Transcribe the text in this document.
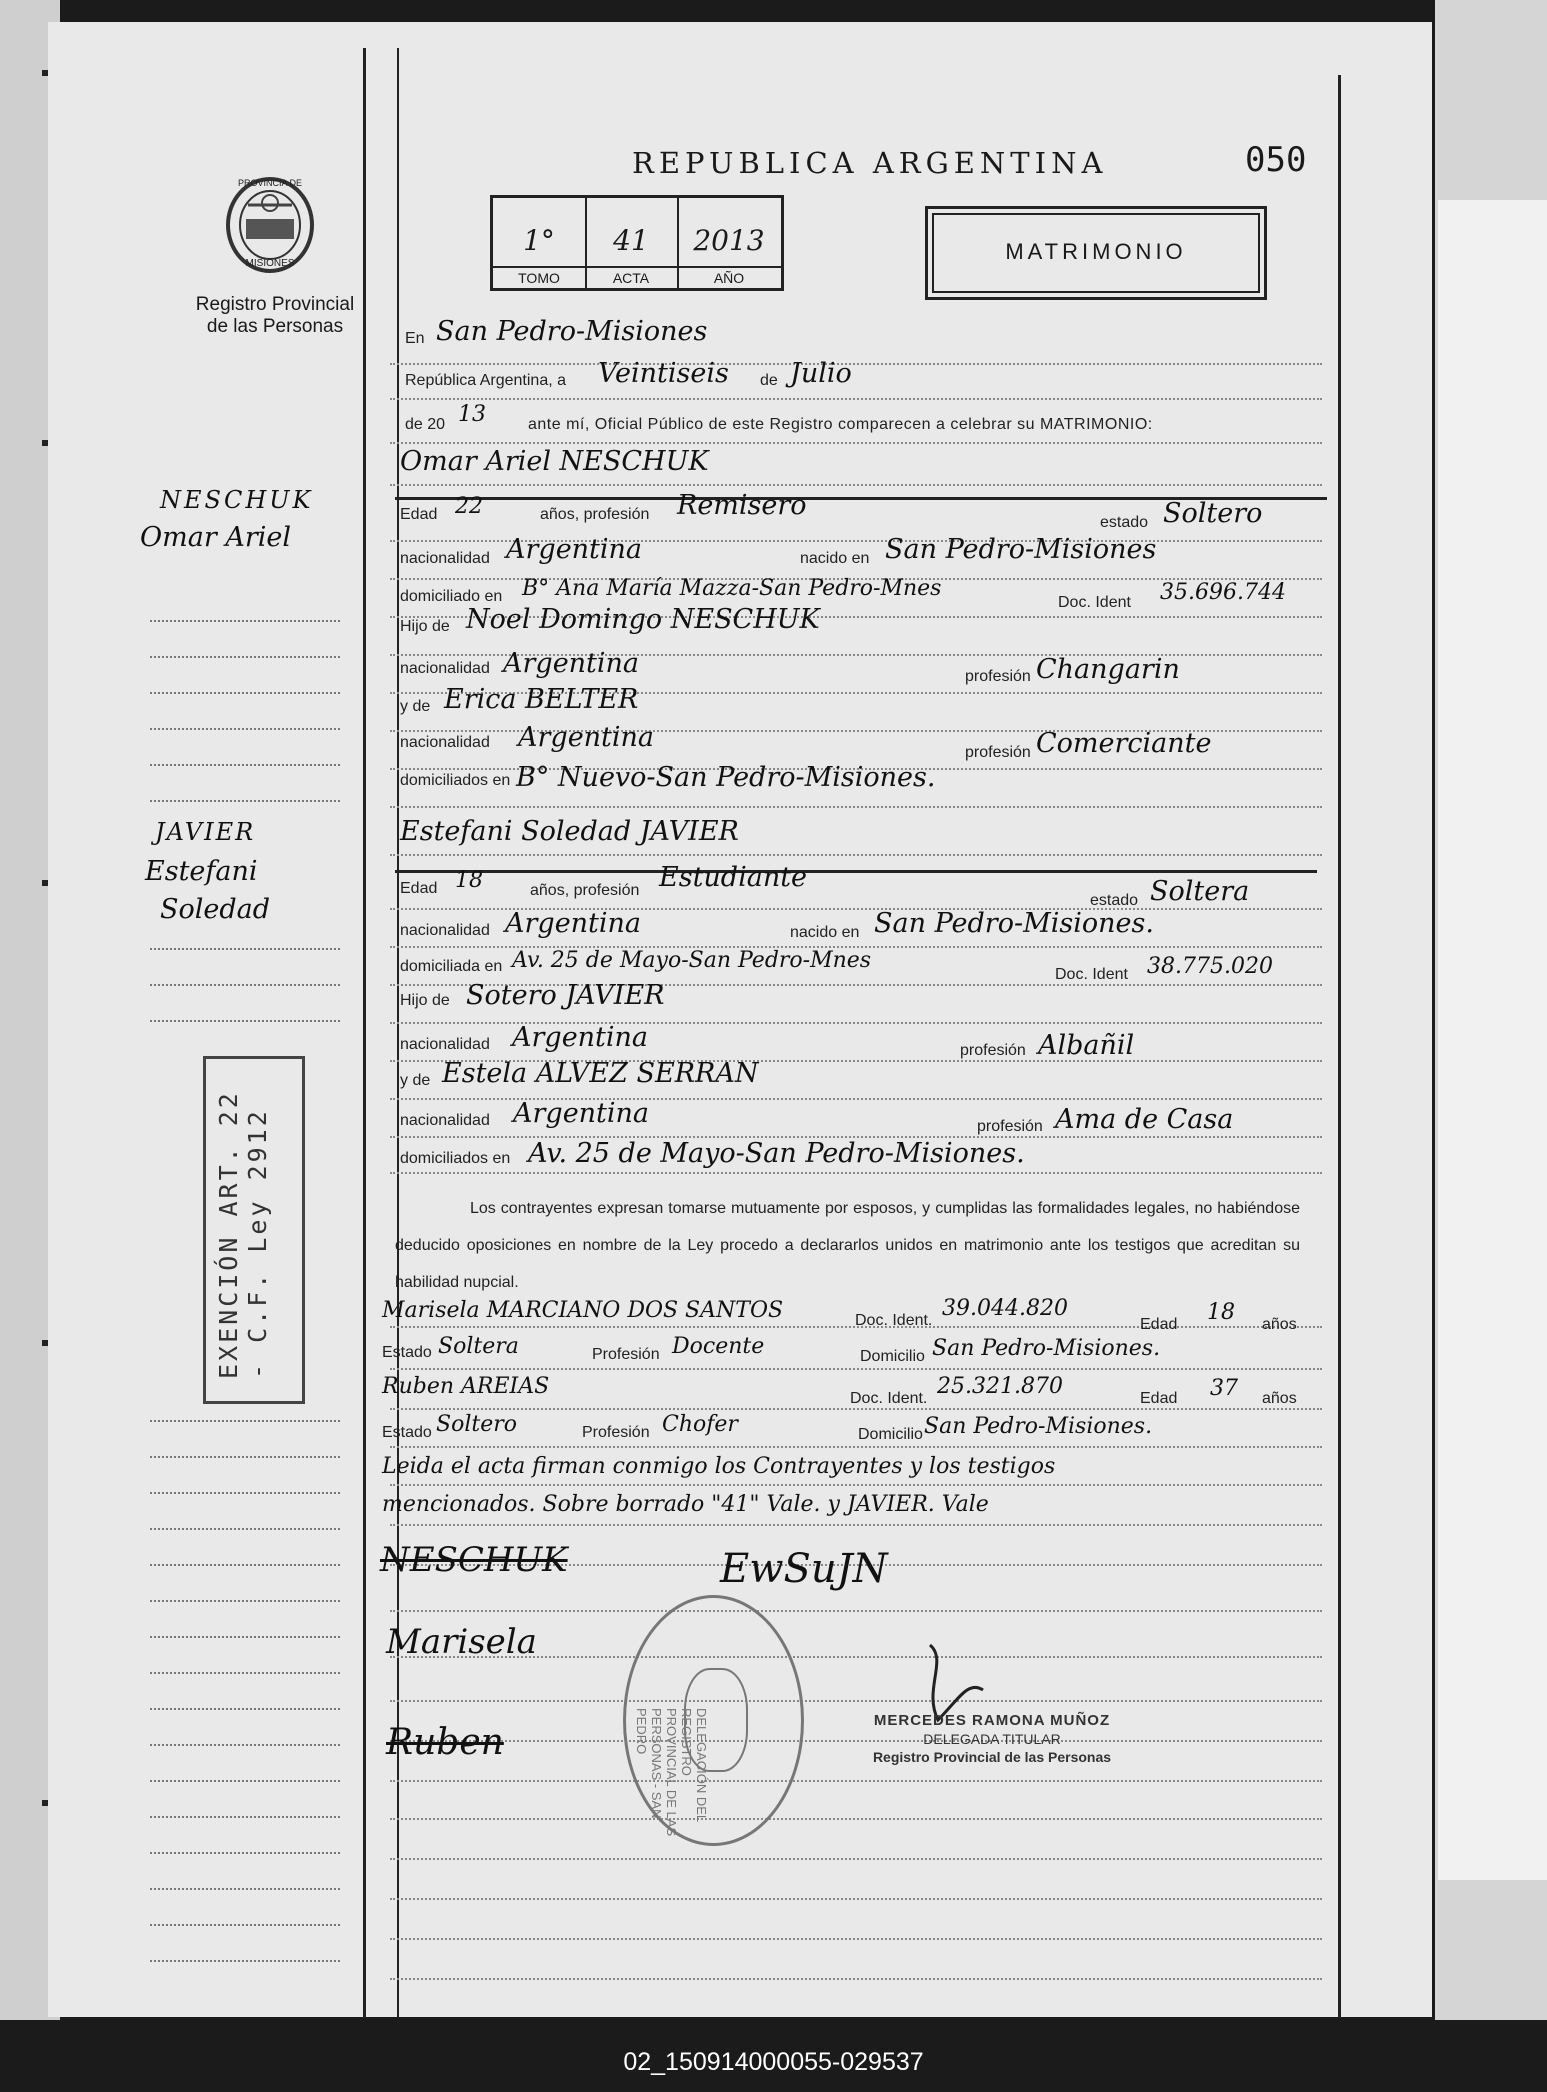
PROVINCIA DE
MISIONES
Registro Provincial
de las Personas
REPUBLICA ARGENTINA	050
1°
TOMO
41
ACTA
2013
AÑO
MATRIMONIO
NESCHUK
Omar Ariel
JAVIER
Estefani
Soledad
EXENCIÓN ART. 22 - C.F. Ley 2912
En San Pedro-Misiones
República Argentina, a Veintiseis de Julio
de 20 13	ante mí, Oficial Público de este Registro comparecen a celebrar su MATRIMONIO:
Omar Ariel NESCHUK
Edad 22	años, profesión Remisero
estado Soltero
nacionalidad Argentina	nacido en San Pedro-Misiones
domiciliado en B° Ana María Mazza-San Pedro-Mnes
Doc. Ident 35.696.744
Hijo de Noel Domingo NESCHUK
nacionalidad Argentina	profesión Changarin
y de Erica BELTER
nacionalidad Argentina	profesión Comerciante
domiciliados en B° Nuevo-San Pedro-Misiones.
Estefani Soledad JAVIER
Edad 18	años, profesión Estudiante
estado Soltera
nacionalidad Argentina	nacido en San Pedro-Misiones.
domiciliada en Av. 25 de Mayo-San Pedro-Mnes
Doc. Ident 38.775.020
Hijo de Sotero JAVIER
nacionalidad Argentina	profesión Albañil
y de Estela ALVEZ SERRAN
nacionalidad Argentina	profesión Ama de Casa
domiciliados en Av. 25 de Mayo-San Pedro-Misiones.
Los contrayentes expresan tomarse mutuamente por esposos, y cumplidas las formalidades legales, no habiéndose deducido oposiciones en nombre de la Ley procedo a declararlos unidos en matrimonio ante los testigos que acreditan su habilidad nupcial.
Marisela MARCIANO DOS SANTOS	Doc. Ident. 39.044.820
Edad 18 años
Estado Soltera	Profesión Docente	Domicilio San Pedro-Misiones.
Ruben AREIAS	Doc. Ident. 25.321.870	Edad 37 años
Estado Soltero	Profesión Chofer	Domicilio San Pedro-Misiones.
Leida el acta firman conmigo los Contrayentes y los testigos
mencionados. Sobre borrado "41" Vale. y JAVIER. Vale
NESCHUK	EwSuJN
Marisela
Ruben	DELEGACIÓN DEL REGISTRO PROVINCIAL DE LAS PERSONAS - SAN PEDRO	MERCEDES RAMONA MUÑOZ
DELEGADA TITULAR
Registro Provincial de las Personas
02_150914000055-029537
